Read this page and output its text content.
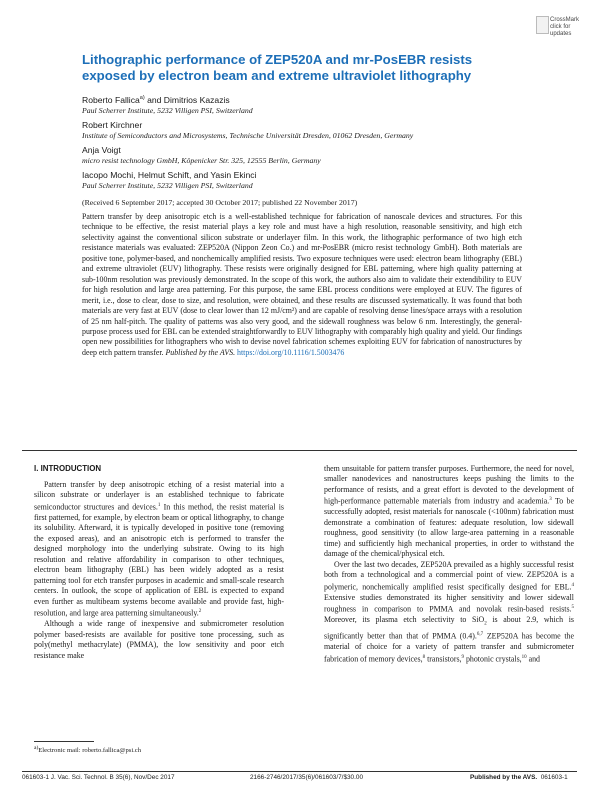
CrossMark
click for updates
Lithographic performance of ZEP520A and mr-PosEBR resists exposed by electron beam and extreme ultraviolet lithography
Roberto Fallica$^{a)}$ and Dimitrios Kazazis
Paul Scherrer Institute, 5232 Villigen PSI, Switzerland
Robert Kirchner
Institute of Semiconductors and Microsystems, Technische Universität Dresden, 01062 Dresden, Germany
Anja Voigt
micro resist technology GmbH, Köpenicker Str. 325, 12555 Berlin, Germany
Iacopo Mochi, Helmut Schift, and Yasin Ekinci
Paul Scherrer Institute, 5232 Villigen PSI, Switzerland
(Received 6 September 2017; accepted 30 October 2017; published 22 November 2017)

Pattern transfer by deep anisotropic etch is a well-established technique for fabrication of nanoscale devices and structures. For this technique to be effective, the resist material plays a key role and must have a high resolution, reasonable sensitivity, and high etch selectivity against the conventional silicon substrate or underlayer film. In this work, the lithographic performance of two high etch resistance materials was evaluated: ZEP520A (Nippon Zeon Co.) and mr-PosEBR (micro resist technology GmbH). Both materials are positive tone, polymer-based, and nonchemically amplified resists. Two exposure techniques were used: electron beam lithography (EBL) and extreme ultraviolet (EUV) lithography. These resists were originally designed for EBL patterning, where high quality patterning at sub-100nm resolution was previously demonstrated. In the scope of this work, the authors also aim to validate their extendibility to EUV for high resolution and large area patterning. For this purpose, the same EBL process conditions were employed at EUV. The figures of merit, i.e., dose to clear, dose to size, and resolution, were obtained, and these results are discussed systematically. It was found that both materials are very fast at EUV (dose to clear lower than 12 mJ/cm²) and are capable of resolving dense lines/space arrays with a resolution of 25 nm half-pitch. The quality of patterns was also very good, and the sidewall roughness was below 6 nm. Interestingly, the general-purpose process used for EBL can be extended straightforwardly to EUV lithography with comparably high quality and yield. Our findings open new possibilities for lithographers who wish to devise novel fabrication schemes exploiting EUV for fabrication of nanostructures by deep etch pattern transfer. Published by the AVS. https://doi.org/10.1116/1.5003476

I. INTRODUCTION

Pattern transfer by deep anisotropic etching of a resist material into a silicon substrate or underlayer is an established technique to fabricate semiconductor structures and devices.$^1$ In this method, the resist material is first patterned, for example, by electron beam or optical lithography, to change its solubility. Afterward, it is typically developed in positive tone (removing the exposed areas), and an anisotropic etch is performed to transfer the designed morphology into the underlying substrate. Owing to its high resolution and relative affordability in comparison to other techniques, electron beam lithography (EBL) has been widely adopted as a resist patterning tool for etch transfer purposes in academic and small-scale research centers. In outlook, the scope of application of EBL is expected to expand even further as multibeam systems become available and provide fast, high-resolution, and large area patterning simultaneously.$^2$

Although a wide range of inexpensive and submicrometer resolution polymer based-resists are available for positive tone processing, such as poly(methyl methacrylate) (PMMA), the low sensitivity and poor etch resistance make

them unsuitable for pattern transfer purposes. Furthermore, the need for novel, smaller nanodevices and nanostructures keeps pushing the limits to the performance of resists, and a great effort is devoted to the development of high-performance patternable materials from industry and academia.$^3$ To be successfully adopted, resist materials for nanoscale (<100nm) fabrication must demonstrate a combination of features: adequate resolution, low sidewall roughness, good sensitivity (to allow large-area patterning in a reasonable time) and sufficiently high mechanical properties, in order to withstand the damage of the chemical/physical etch.

Over the last two decades, ZEP520A prevailed as a highly successful resist both from a technological and a commercial point of view. ZEP520A is a polymeric, nonchemically amplified resist specifically designed for EBL.$^4$ Extensive studies demonstrated its higher sensitivity and lower sidewall roughness in comparison to PMMA and novolak resin-based resists.$^5$ Moreover, its plasma etch selectivity to SiO$_2$ is about 2.9, which is significantly better than that of PMMA (0.4).$^{6,7}$ ZEP520A has become the material of choice for a variety of pattern transfer and submicrometer fabrication of memory devices,$^8$ transistors,$^9$ photonic crystals,$^{10}$ and

$^{a)}$Electronic mail: roberto.fallica@psi.ch
061603-1 J. Vac. Sci. Technol. B 35(6), Nov/Dec 2017	2166-2746/2017/35(6)/061603/7/$30.00	Published by the AVS. 061603-1
